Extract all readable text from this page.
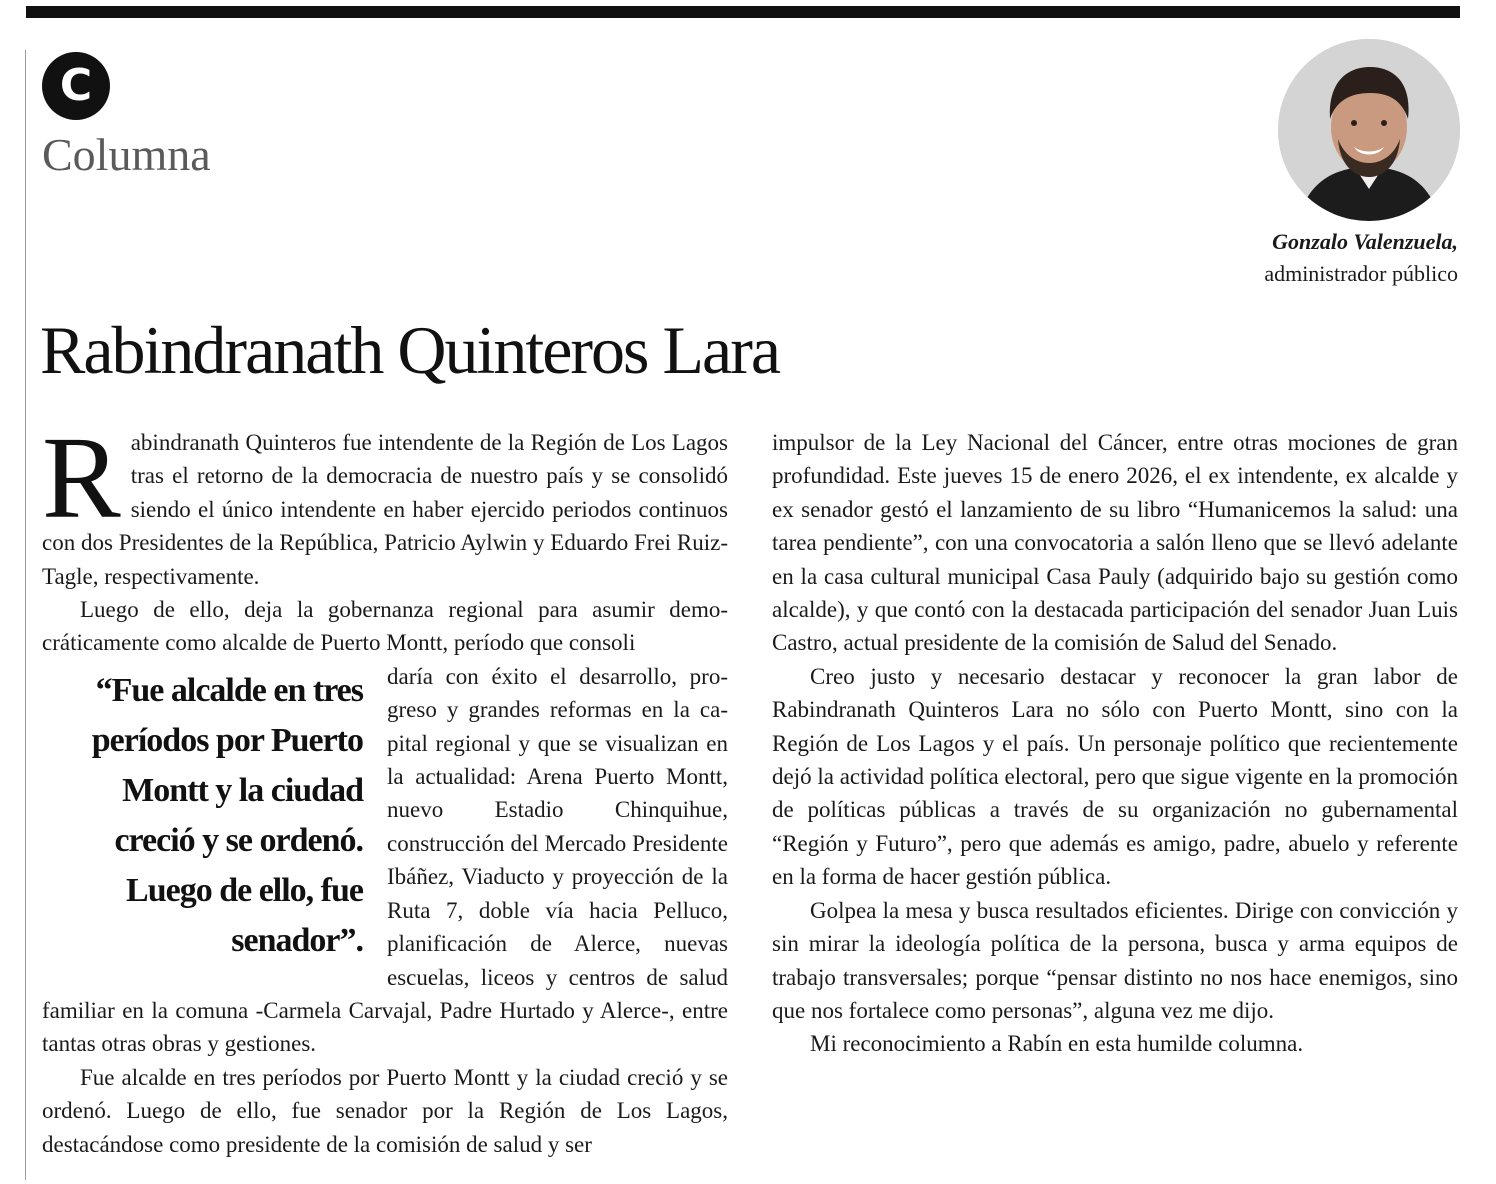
C
Columna
Gonzalo Valenzuela,
administrador público
Rabindranath Quinteros Lara

Rabindranath Quinteros fue intendente de la Región de Los Lagos tras el retorno de la democracia de nuestro país y se consolidó siendo el único intendente en haber ejercido periodos continuos con dos Presidentes de la República, Patricio Aylwin y Eduardo Frei Ruiz-Tagle, respectivamente.

Luego de ello, deja la gobernanza regional para asumir democráticamente como alcalde de Puerto Montt, período que consoli
“Fue alcalde en tres períodos por Puerto Montt y la ciudad creció y se ordenó. Luego de ello, fue senador”.
daría con éxito el desarrollo, progreso y grandes reformas en la capital regional y que se visualizan en la actualidad: Arena Puerto Montt, nuevo Estadio Chinquihue, construcción del Mercado Presidente Ibáñez, Viaducto y proyección de la Ruta 7, doble vía hacia Pelluco, planificación de Alerce, nuevas escuelas, liceos y centros de salud familiar en la comuna -Carmela Carvajal, Padre Hurtado y Alerce-, entre tantas otras obras y gestiones.

Fue alcalde en tres períodos por Puerto Montt y la ciudad creció y se ordenó. Luego de ello, fue senador por la Región de Los Lagos, destacándose como presidente de la comisión de salud y ser

impulsor de la Ley Nacional del Cáncer, entre otras mociones de gran profundidad. Este jueves 15 de enero 2026, el ex intendente, ex alcalde y ex senador gestó el lanzamiento de su libro “Humanicemos la salud: una tarea pendiente”, con una convocatoria a salón lleno que se llevó adelante en la casa cultural municipal Casa Pauly (adquirido bajo su gestión como alcalde), y que contó con la destacada participación del senador Juan Luis Castro, actual presidente de la comisión de Salud del Senado.

Creo justo y necesario destacar y reconocer la gran labor de Rabindranath Quinteros Lara no sólo con Puerto Montt, sino con la Región de Los Lagos y el país. Un personaje político que recientemente dejó la actividad política electoral, pero que sigue vigente en la promoción de políticas públicas a través de su organización no gubernamental “Región y Futuro”, pero que además es amigo, padre, abuelo y referente en la forma de hacer gestión pública.

Golpea la mesa y busca resultados eficientes. Dirige con convicción y sin mirar la ideología política de la persona, busca y arma equipos de trabajo transversales; porque “pensar distinto no nos hace enemigos, sino que nos fortalece como personas”, alguna vez me dijo.

Mi reconocimiento a Rabín en esta humilde columna.
